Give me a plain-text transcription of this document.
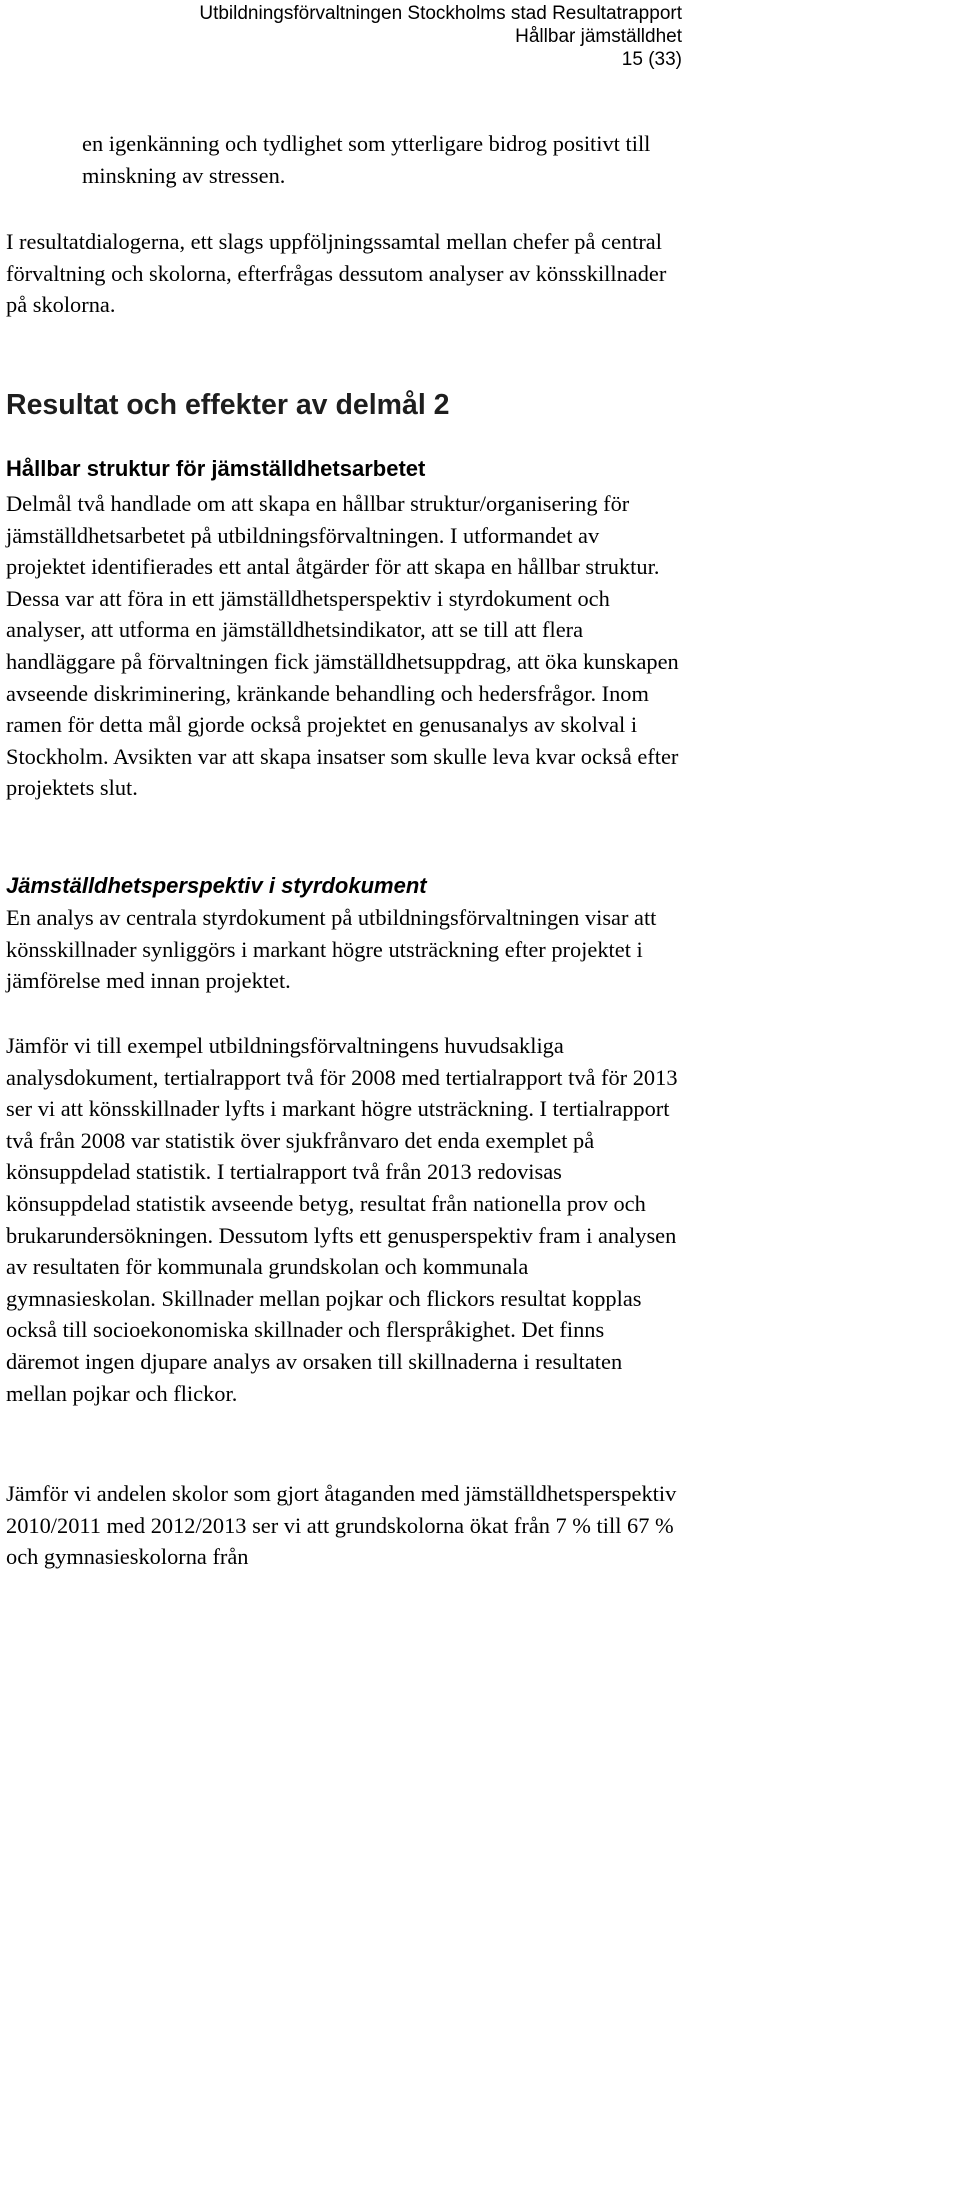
Utbildningsförvaltningen Stockholms stad Resultatrapport
Hållbar jämställdhet
15 (33)

en igenkänning och tydlighet som ytterligare bidrog positivt till minskning av stressen.

I resultatdialogerna, ett slags uppföljningssamtal mellan chefer på central förvaltning och skolorna, efterfrågas dessutom analyser av könsskillnader på skolorna.

Resultat och effekter av delmål 2
Hållbar struktur för jämställdhetsarbetet

Delmål två handlade om att skapa en hållbar struktur/organisering för jämställdhetsarbetet på utbildningsförvaltningen. I utformandet av projektet identifierades ett antal åtgärder för att skapa en hållbar struktur. Dessa var att föra in ett jämställdhetsperspektiv i styrdokument och analyser, att utforma en jämställdhetsindikator, att se till att flera handläggare på förvaltningen fick jämställdhetsuppdrag, att öka kunskapen avseende diskriminering, kränkande behandling och hedersfrågor. Inom ramen för detta mål gjorde också projektet en genusanalys av skolval i Stockholm. Avsikten var att skapa insatser som skulle leva kvar också efter projektets slut.

Jämställdhetsperspektiv i styrdokument

En analys av centrala styrdokument på utbildningsförvaltningen visar att könsskillnader synliggörs i markant högre utsträckning efter projektet i jämförelse med innan projektet.

Jämför vi till exempel utbildningsförvaltningens huvudsakliga analysdokument, tertialrapport två för 2008 med tertialrapport två för 2013 ser vi att könsskillnader lyfts i markant högre utsträckning. I tertialrapport två från 2008 var statistik över sjukfrånvaro det enda exemplet på könsuppdelad statistik. I tertialrapport två från 2013 redovisas könsuppdelad statistik avseende betyg, resultat från nationella prov och brukarundersökningen. Dessutom lyfts ett genusperspektiv fram i analysen av resultaten för kommunala grundskolan och kommunala gymnasieskolan. Skillnader mellan pojkar och flickors resultat kopplas också till socioekonomiska skillnader och flerspråkighet. Det finns däremot ingen djupare analys av orsaken till skillnaderna i resultaten mellan pojkar och flickor.

Jämför vi andelen skolor som gjort åtaganden med jämställdhetsperspektiv 2010/2011 med 2012/2013 ser vi att grundskolorna ökat från 7 % till 67 % och gymnasieskolorna från
